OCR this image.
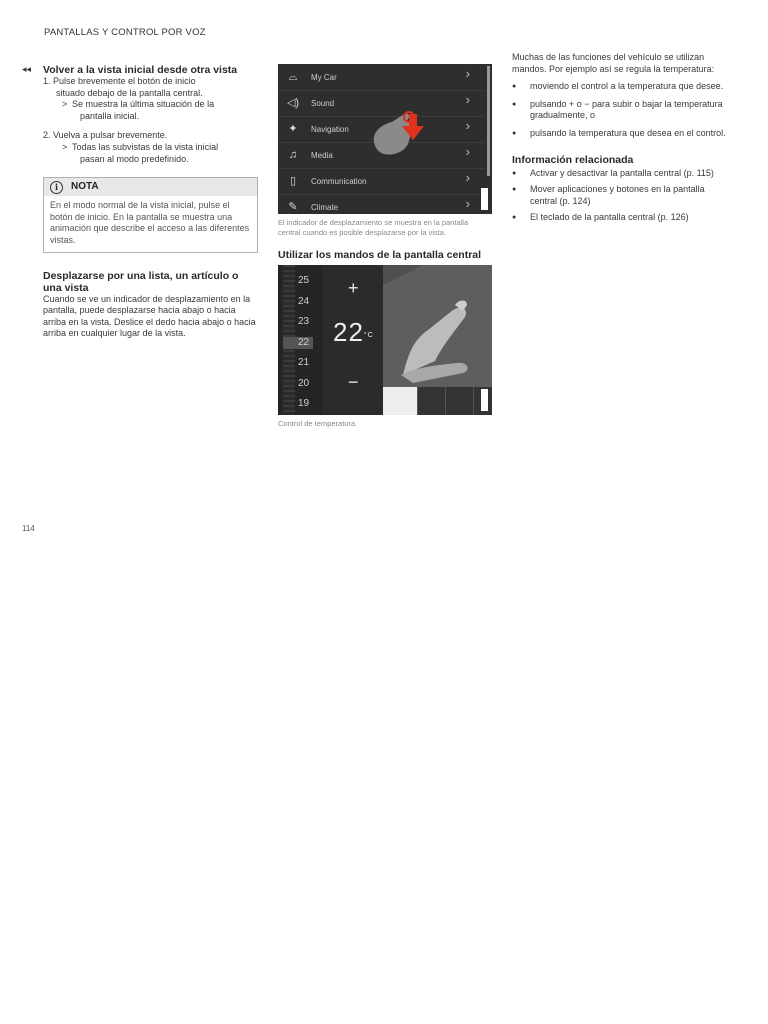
PANTALLAS Y CONTROL POR VOZ
◂◂ Volver a la vista inicial desde otra vista
1. Pulse brevemente el botón de inicio
situado debajo de la pantalla central.
> Se muestra la última situación de la
pantalla inicial.
2. Vuelva a pulsar brevemente.
> Todas las subvistas de la vista inicial
pasan al modo predefinido.
i	NOTA
En el modo normal de la vista inicial, pulse el botón de inicio. En la pantalla se muestra una animación que describe el acceso a las diferentes vistas.
Desplazarse por una lista, un artículo o una vista

Cuando se ve un indicador de desplazamiento en la pantalla, puede desplazarse hacia abajo o hacia arriba en la vista. Deslice el dedo hacia abajo o hacia arriba en cualquier lugar de la vista.

⌓	My Car	›
◁) Sound	›
✦ Navigation	›
♫	Media	›
▯	Communication	›
✎ Climate	›
El indicador de desplazamiento se muestra en la pantalla central cuando es posible desplazarse por la vista.
Utilizar los mandos de la pantalla central
25
24
23
22
21
20
19
+
$22^{^\circ C}$
−
Control de temperatura.

Muchas de las funciones del vehículo se utilizan mandos. Por ejemplo así se regula la temperatura:

● moviendo el control a la temperatura que desee.
● pulsando + o − para subir o bajar la temperatura gradualmente, o
● pulsando la temperatura que desea en el control.
Información relacionada
● Activar y desactivar la pantalla central (p. 115)
● Mover aplicaciones y botones en la pantalla central (p. 124)
● El teclado de la pantalla central (p. 126)
114
